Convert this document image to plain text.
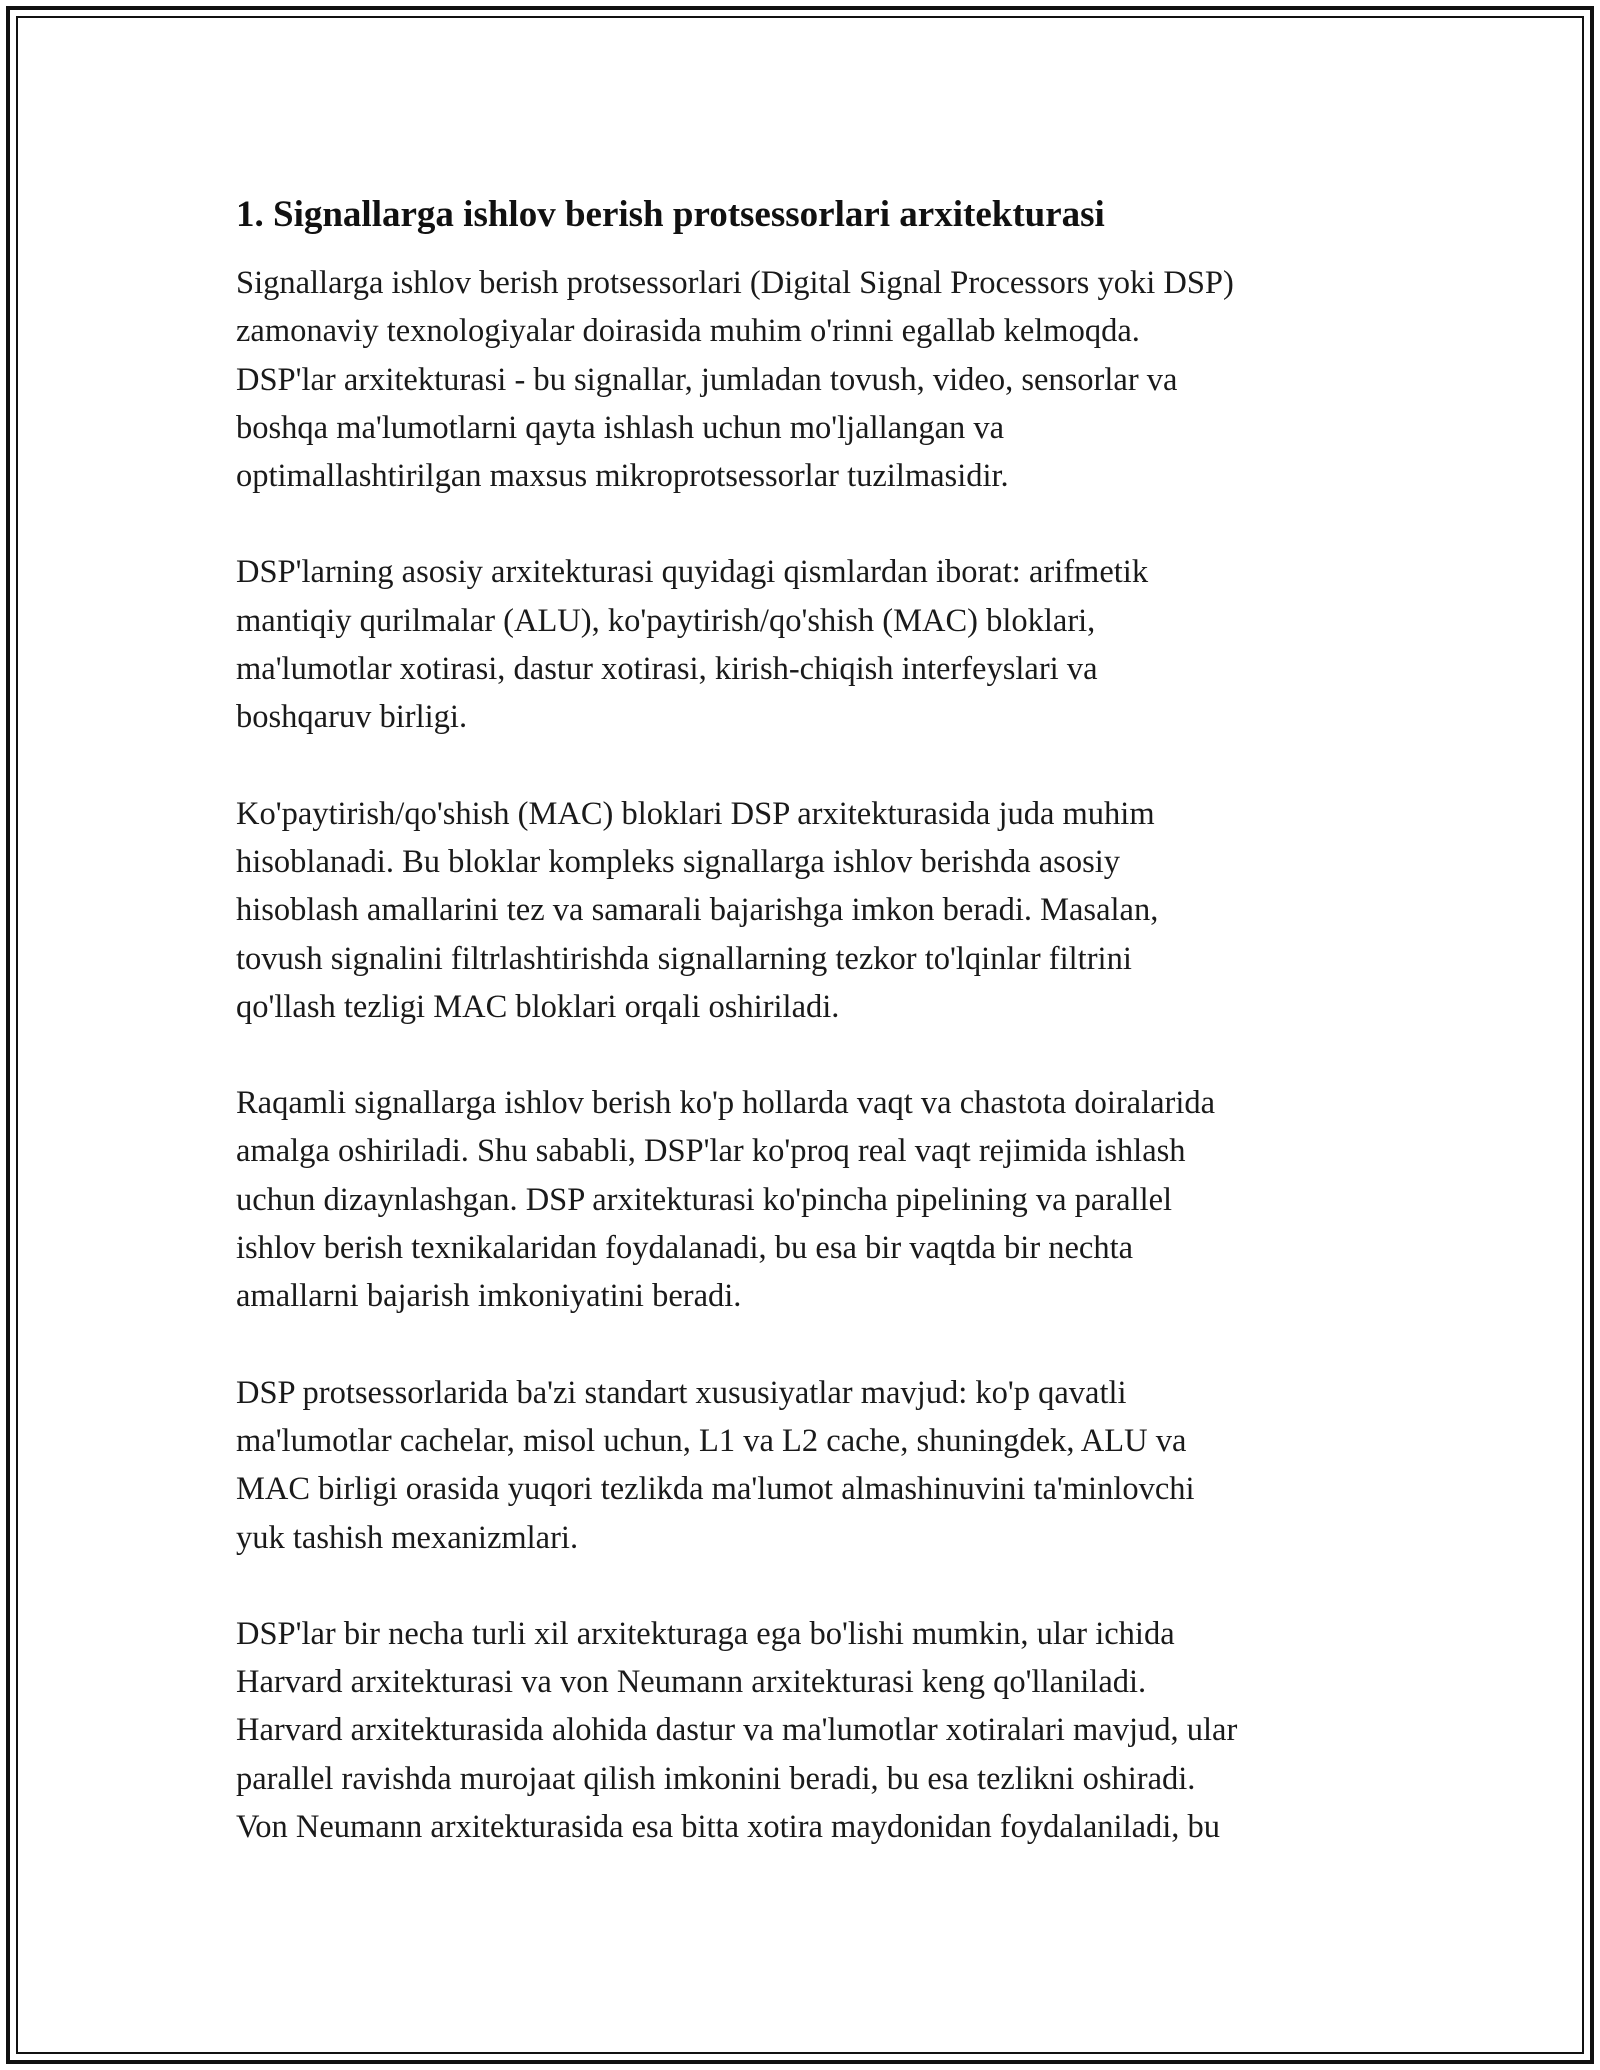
1. Signallarga ishlov berish protsessorlari arxitekturasi
Signallarga ishlov berish protsessorlari (Digital Signal Processors yoki DSP)
zamonaviy texnologiyalar doirasida muhim o'rinni egallab kelmoqda.
DSP'lar arxitekturasi - bu signallar, jumladan tovush, video, sensorlar va
boshqa ma'lumotlarni qayta ishlash uchun mo'ljallangan va
optimallashtirilgan maxsus mikroprotsessorlar tuzilmasidir.
DSP'larning asosiy arxitekturasi quyidagi qismlardan iborat: arifmetik
mantiqiy qurilmalar (ALU), ko'paytirish/qo'shish (MAC) bloklari,
ma'lumotlar xotirasi, dastur xotirasi, kirish-chiqish interfeyslari va
boshqaruv birligi.
Ko'paytirish/qo'shish (MAC) bloklari DSP arxitekturasida juda muhim
hisoblanadi. Bu bloklar kompleks signallarga ishlov berishda asosiy
hisoblash amallarini tez va samarali bajarishga imkon beradi. Masalan,
tovush signalini filtrlashtirishda signallarning tezkor to'lqinlar filtrini
qo'llash tezligi MAC bloklari orqali oshiriladi.
Raqamli signallarga ishlov berish ko'p hollarda vaqt va chastota doiralarida
amalga oshiriladi. Shu sababli, DSP'lar ko'proq real vaqt rejimida ishlash
uchun dizaynlashgan. DSP arxitekturasi ko'pincha pipelining va parallel
ishlov berish texnikalaridan foydalanadi, bu esa bir vaqtda bir nechta
amallarni bajarish imkoniyatini beradi.
DSP protsessorlarida ba'zi standart xususiyatlar mavjud: ko'p qavatli
ma'lumotlar cachelar, misol uchun, L1 va L2 cache, shuningdek, ALU va
MAC birligi orasida yuqori tezlikda ma'lumot almashinuvini ta'minlovchi
yuk tashish mexanizmlari.
DSP'lar bir necha turli xil arxitekturaga ega bo'lishi mumkin, ular ichida
Harvard arxitekturasi va von Neumann arxitekturasi keng qo'llaniladi.
Harvard arxitekturasida alohida dastur va ma'lumotlar xotiralari mavjud, ular
parallel ravishda murojaat qilish imkonini beradi, bu esa tezlikni oshiradi.
Von Neumann arxitekturasida esa bitta xotira maydonidan foydalaniladi, bu
